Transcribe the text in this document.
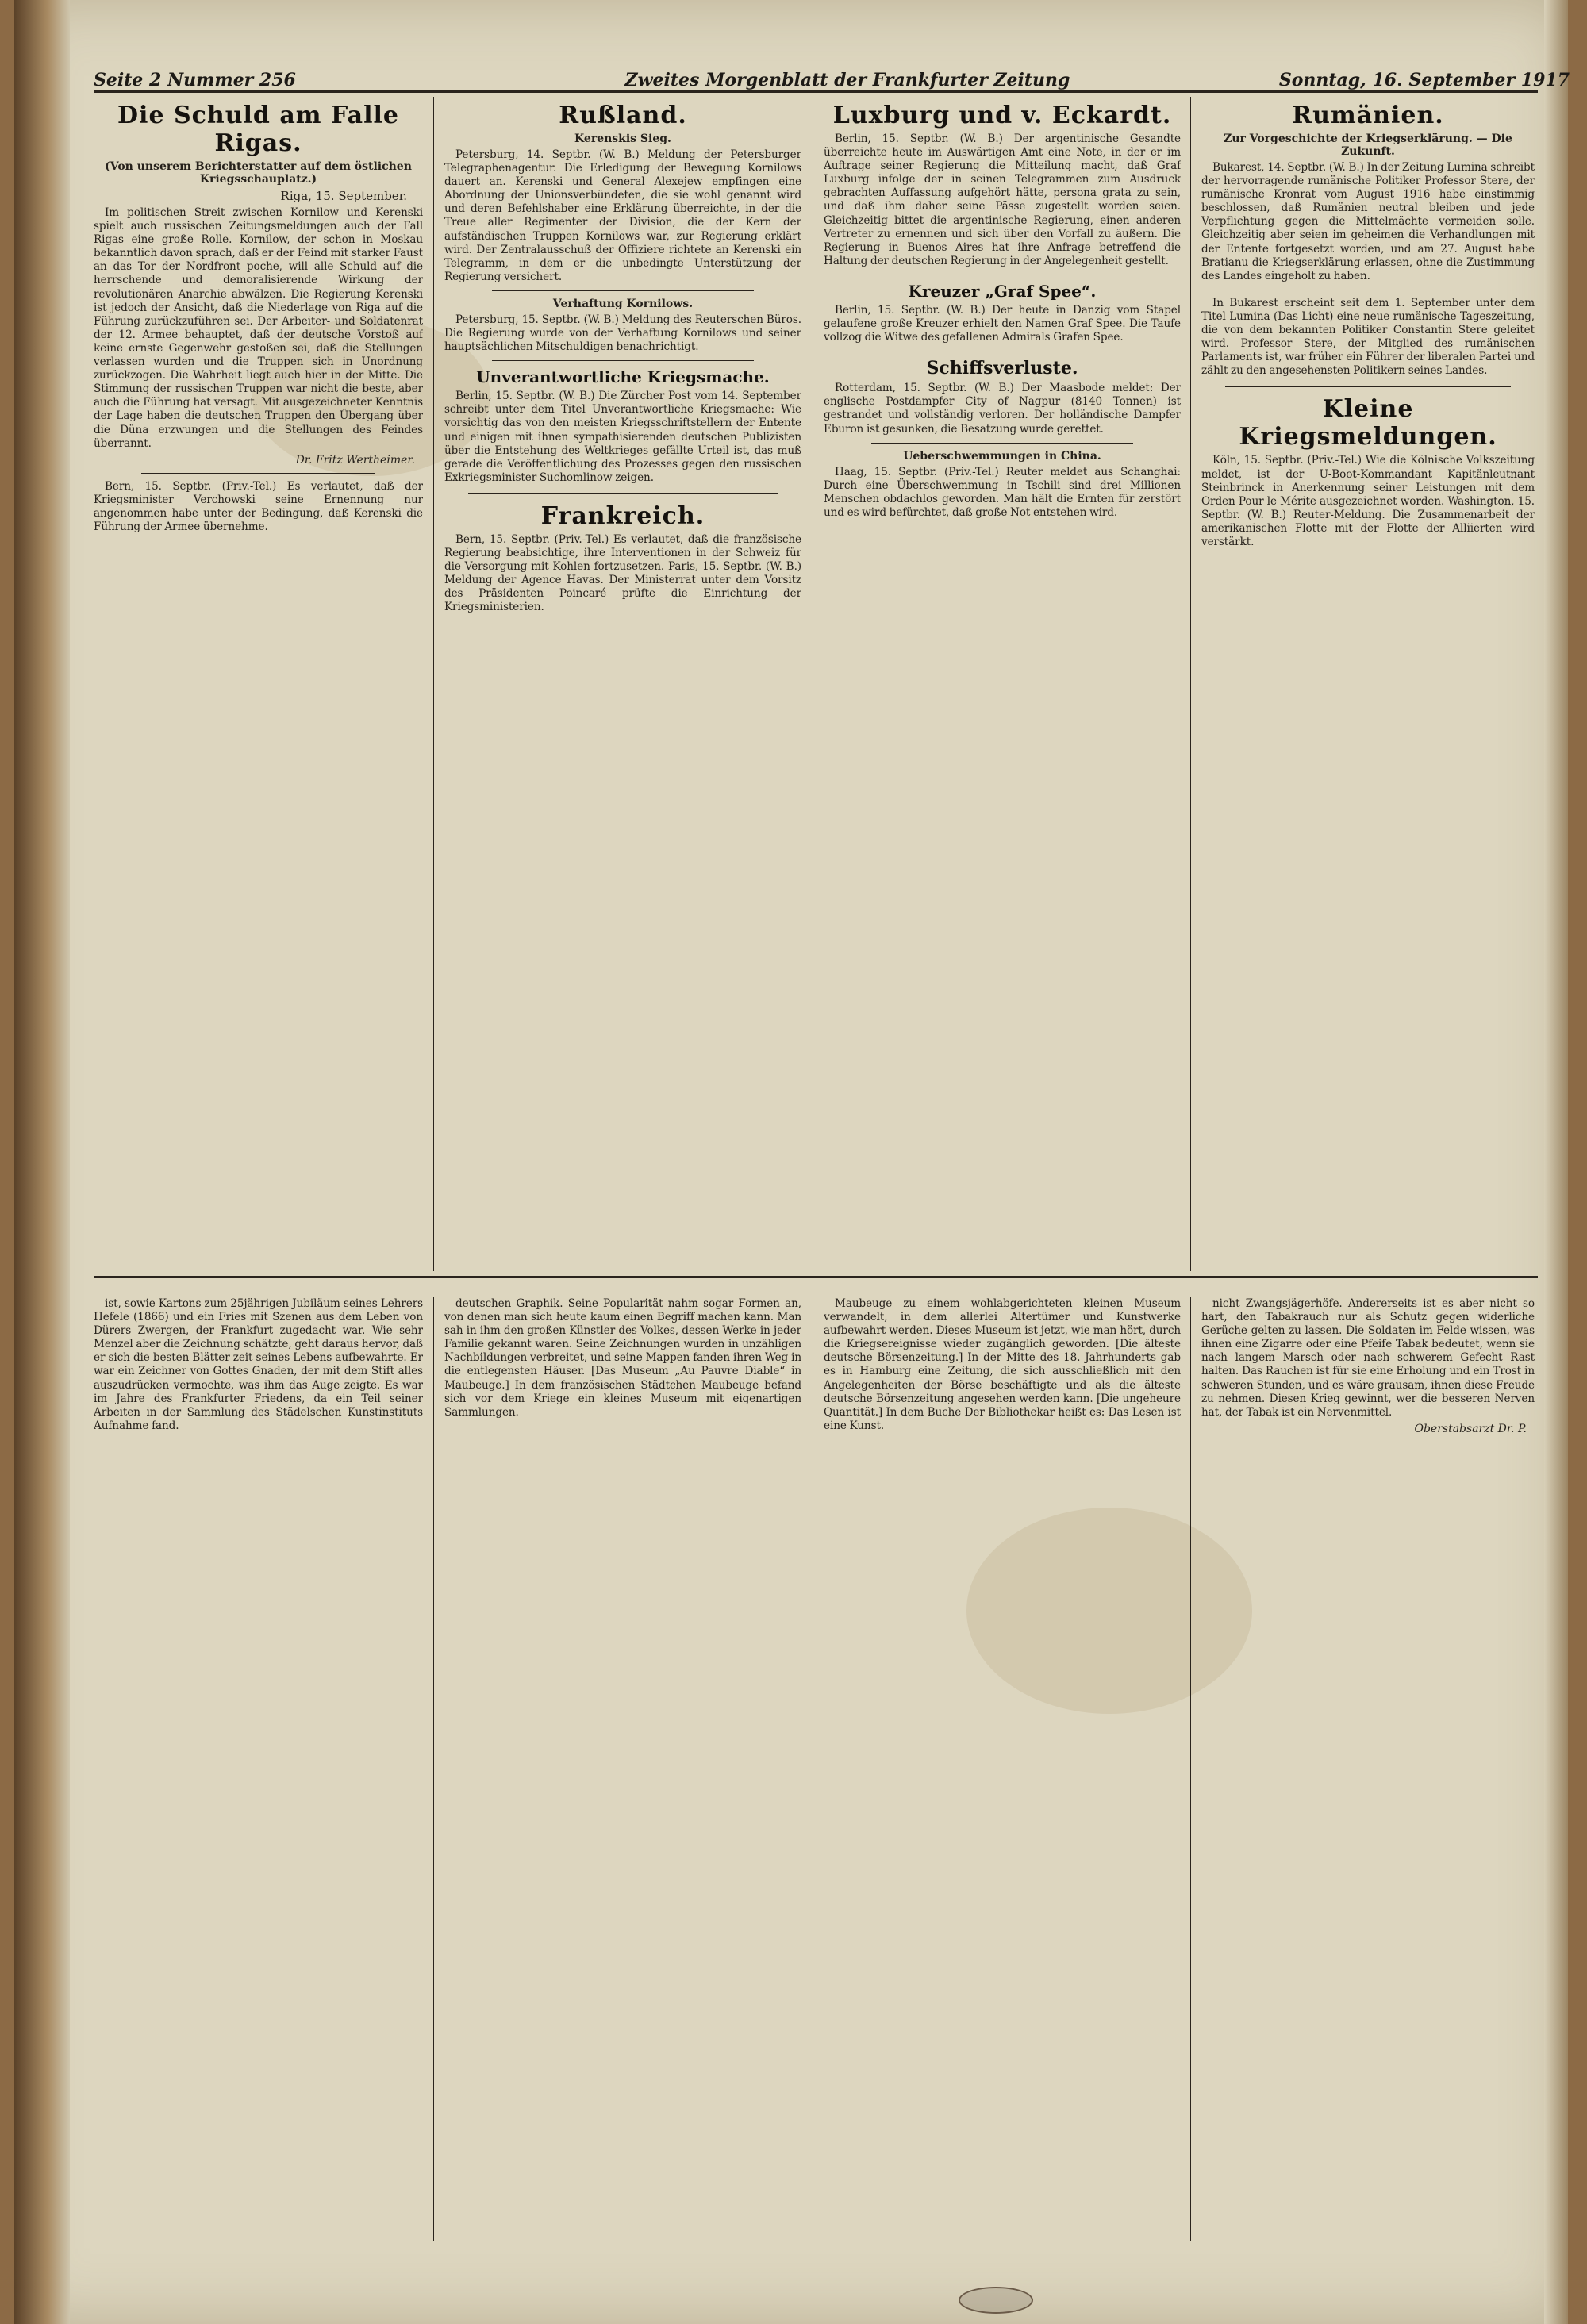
Seite 2 Nummer 256	Zweites Morgenblatt der Frankfurter Zeitung	Sonntag, 16. September 1917
Die Schuld am Falle Rigas.
(Von unserem Berichterstatter auf dem östlichen Kriegsschauplatz.)
Riga, 15. September.

Im politischen Streit zwischen Kornilow und Kerenski spielt auch russischen Zeitungsmeldungen auch der Fall Rigas eine große Rolle. Kornilow, der schon in Moskau bekanntlich davon sprach, daß er der Feind mit starker Faust an das Tor der Nordfront poche, will alle Schuld auf die herrschende und demoralisierende Wirkung der revolutionären Anarchie abwälzen. Die Regierung Kerenski ist jedoch der Ansicht, daß die Niederlage von Riga auf die Führung zurückzuführen sei. Der Arbeiter- und Soldatenrat der 12. Armee behauptet, daß der deutsche Vorstoß auf keine ernste Gegenwehr gestoßen sei, daß die Stellungen verlassen wurden und die Truppen sich in Unordnung zurückzogen. Die Wahrheit liegt auch hier in der Mitte. Die Stimmung der russischen Truppen war nicht die beste, aber auch die Führung hat versagt. Mit ausgezeichneter Kenntnis der Lage haben die deutschen Truppen den Übergang über die Düna erzwungen und die Stellungen des Feindes überrannt.

Dr. Fritz Wertheimer.

Bern, 15. Septbr. (Priv.-Tel.) Es verlautet, daß der Kriegsminister Verchowski seine Ernennung nur angenommen habe unter der Bedingung, daß Kerenski die Führung der Armee übernehme.

Rußland.
Kerenskis Sieg.

Petersburg, 14. Septbr. (W. B.) Meldung der Petersburger Telegraphenagentur. Die Erledigung der Bewegung Kornilows dauert an. Kerenski und General Alexejew empfingen eine Abordnung der Unionsverbündeten, die sie wohl genannt wird und deren Befehlshaber eine Erklärung überreichte, in der die Treue aller Regimenter der Division, die der Kern der aufständischen Truppen Kornilows war, zur Regierung erklärt wird. Der Zentralausschuß der Offiziere richtete an Kerenski ein Telegramm, in dem er die unbedingte Unterstützung der Regierung versichert.

Verhaftung Kornilows.

Petersburg, 15. Septbr. (W. B.) Meldung des Reuterschen Büros. Die Regierung wurde von der Verhaftung Kornilows und seiner hauptsächlichen Mitschuldigen benachrichtigt.

Unverantwortliche Kriegsmache.

Berlin, 15. Septbr. (W. B.) Die Zürcher Post vom 14. September schreibt unter dem Titel Unverantwortliche Kriegsmache: Wie vorsichtig das von den meisten Kriegsschriftstellern der Entente und einigen mit ihnen sympathisierenden deutschen Publizisten über die Entstehung des Weltkrieges gefällte Urteil ist, das muß gerade die Veröffentlichung des Prozesses gegen den russischen Exkriegsminister Suchomlinow zeigen.

Frankreich.

Bern, 15. Septbr. (Priv.-Tel.) Es verlautet, daß die französische Regierung beabsichtige, ihre Interventionen in der Schweiz für die Versorgung mit Kohlen fortzusetzen. Paris, 15. Septbr. (W. B.) Meldung der Agence Havas. Der Ministerrat unter dem Vorsitz des Präsidenten Poincaré prüfte die Einrichtung der Kriegsministerien.

Luxburg und v. Eckardt.

Berlin, 15. Septbr. (W. B.) Der argentinische Gesandte überreichte heute im Auswärtigen Amt eine Note, in der er im Auftrage seiner Regierung die Mitteilung macht, daß Graf Luxburg infolge der in seinen Telegrammen zum Ausdruck gebrachten Auffassung aufgehört hätte, persona grata zu sein, und daß ihm daher seine Pässe zugestellt worden seien. Gleichzeitig bittet die argentinische Regierung, einen anderen Vertreter zu ernennen und sich über den Vorfall zu äußern. Die Regierung in Buenos Aires hat ihre Anfrage betreffend die Haltung der deutschen Regierung in der Angelegenheit gestellt.

Kreuzer „Graf Spee“.

Berlin, 15. Septbr. (W. B.) Der heute in Danzig vom Stapel gelaufene große Kreuzer erhielt den Namen Graf Spee. Die Taufe vollzog die Witwe des gefallenen Admirals Grafen Spee.

Schiffsverluste.

Rotterdam, 15. Septbr. (W. B.) Der Maasbode meldet: Der englische Postdampfer City of Nagpur (8140 Tonnen) ist gestrandet und vollständig verloren. Der holländische Dampfer Eburon ist gesunken, die Besatzung wurde gerettet.

Ueberschwemmungen in China.

Haag, 15. Septbr. (Priv.-Tel.) Reuter meldet aus Schanghai: Durch eine Überschwemmung in Tschili sind drei Millionen Menschen obdachlos geworden. Man hält die Ernten für zerstört und es wird befürchtet, daß große Not entstehen wird.

Rumänien.
Zur Vorgeschichte der Kriegserklärung. — Die Zukunft.

Bukarest, 14. Septbr. (W. B.) In der Zeitung Lumina schreibt der hervorragende rumänische Politiker Professor Stere, der rumänische Kronrat vom August 1916 habe einstimmig beschlossen, daß Rumänien neutral bleiben und jede Verpflichtung gegen die Mittelmächte vermeiden solle. Gleichzeitig aber seien im geheimen die Verhandlungen mit der Entente fortgesetzt worden, und am 27. August habe Bratianu die Kriegserklärung erlassen, ohne die Zustimmung des Landes eingeholt zu haben.

In Bukarest erscheint seit dem 1. September unter dem Titel Lumina (Das Licht) eine neue rumänische Tageszeitung, die von dem bekannten Politiker Constantin Stere geleitet wird. Professor Stere, der Mitglied des rumänischen Parlaments ist, war früher ein Führer der liberalen Partei und zählt zu den angesehensten Politikern seines Landes.

Kleine Kriegsmeldungen.

Köln, 15. Septbr. (Priv.-Tel.) Wie die Kölnische Volkszeitung meldet, ist der U-Boot-Kommandant Kapitänleutnant Steinbrinck in Anerkennung seiner Leistungen mit dem Orden Pour le Mérite ausgezeichnet worden. Washington, 15. Septbr. (W. B.) Reuter-Meldung. Die Zusammenarbeit der amerikanischen Flotte mit der Flotte der Alliierten wird verstärkt.

ist, sowie Kartons zum 25jährigen Jubiläum seines Lehrers Hefele (1866) und ein Fries mit Szenen aus dem Leben von Dürers Zwergen, der Frankfurt zugedacht war. Wie sehr Menzel aber die Zeichnung schätzte, geht daraus hervor, daß er sich die besten Blätter zeit seines Lebens aufbewahrte. Er war ein Zeichner von Gottes Gnaden, der mit dem Stift alles auszudrücken vermochte, was ihm das Auge zeigte. Es war im Jahre des Frankfurter Friedens, da ein Teil seiner Arbeiten in der Sammlung des Städelschen Kunstinstituts Aufnahme fand.

deutschen Graphik. Seine Popularität nahm sogar Formen an, von denen man sich heute kaum einen Begriff machen kann. Man sah in ihm den großen Künstler des Volkes, dessen Werke in jeder Familie gekannt waren. Seine Zeichnungen wurden in unzähligen Nachbildungen verbreitet, und seine Mappen fanden ihren Weg in die entlegensten Häuser. [Das Museum „Au Pauvre Diable“ in Maubeuge.] In dem französischen Städtchen Maubeuge befand sich vor dem Kriege ein kleines Museum mit eigenartigen Sammlungen.

Maubeuge zu einem wohlabgerichteten kleinen Museum verwandelt, in dem allerlei Altertümer und Kunstwerke aufbewahrt werden. Dieses Museum ist jetzt, wie man hört, durch die Kriegsereignisse wieder zugänglich geworden. [Die älteste deutsche Börsenzeitung.] In der Mitte des 18. Jahrhunderts gab es in Hamburg eine Zeitung, die sich ausschließlich mit den Angelegenheiten der Börse beschäftigte und als die älteste deutsche Börsenzeitung angesehen werden kann. [Die ungeheure Quantität.] In dem Buche Der Bibliothekar heißt es: Das Lesen ist eine Kunst.

nicht Zwangsjägerhöfe. Andererseits ist es aber nicht so hart, den Tabakrauch nur als Schutz gegen widerliche Gerüche gelten zu lassen. Die Soldaten im Felde wissen, was ihnen eine Zigarre oder eine Pfeife Tabak bedeutet, wenn sie nach langem Marsch oder nach schwerem Gefecht Rast halten. Das Rauchen ist für sie eine Erholung und ein Trost in schweren Stunden, und es wäre grausam, ihnen diese Freude zu nehmen. Diesen Krieg gewinnt, wer die besseren Nerven hat, der Tabak ist ein Nervenmittel.

Oberstabsarzt Dr. P.
